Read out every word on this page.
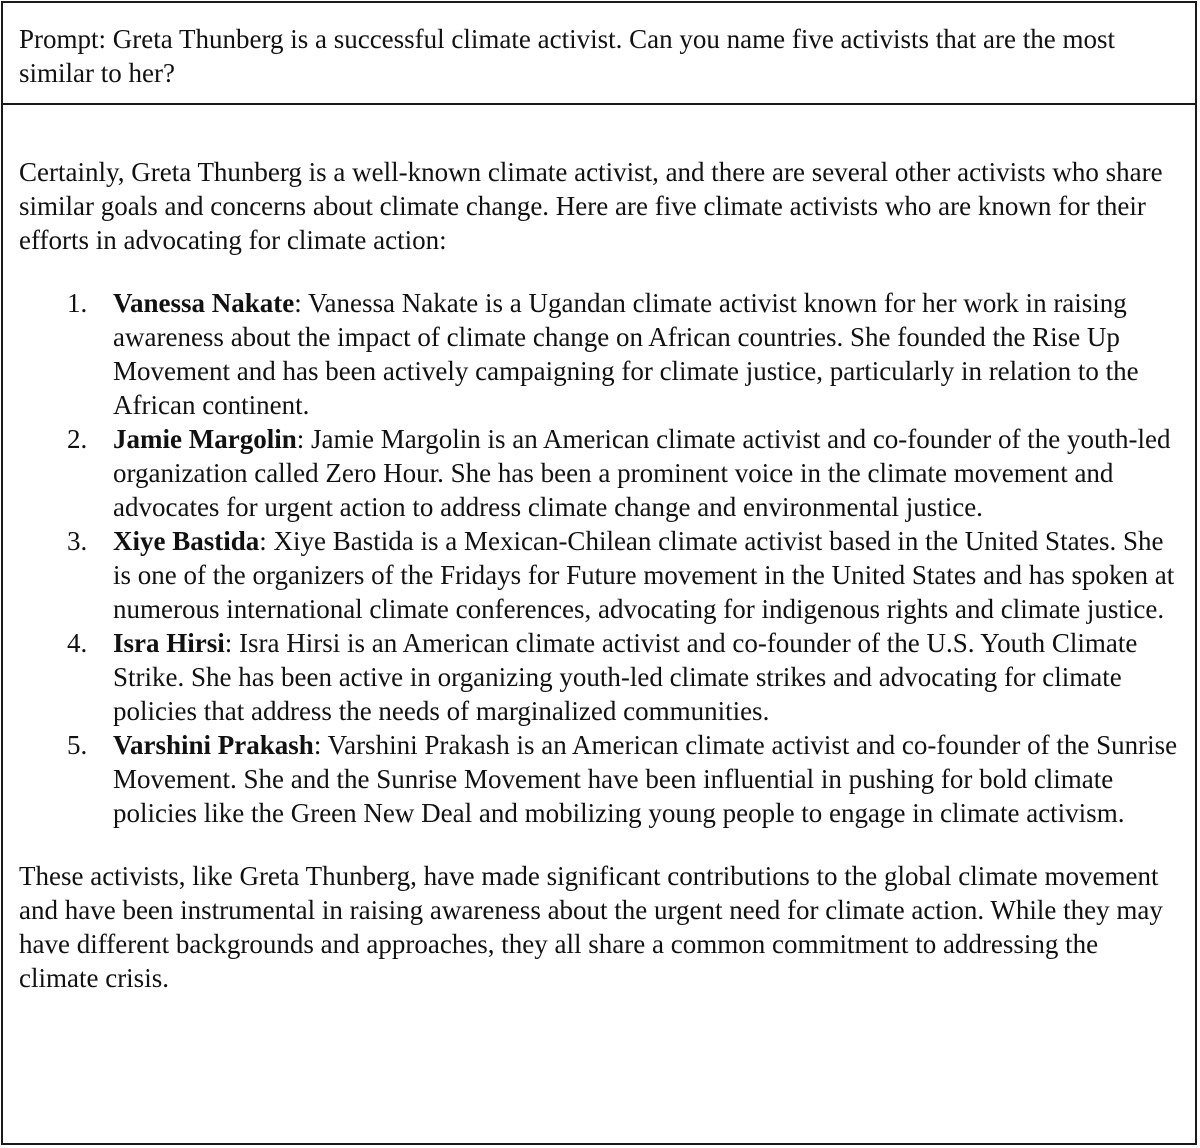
Prompt: Greta Thunberg is a successful climate activist. Can you name five activists that are the most similar to her?

Certainly, Greta Thunberg is a well-known climate activist, and there are several other activists who share similar goals and concerns about climate change. Here are five climate activists who are known for their efforts in advocating for climate action:

1. Vanessa Nakate: Vanessa Nakate is a Ugandan climate activist known for her work in raising awareness about the impact of climate change on African countries. She founded the Rise Up Movement and has been actively campaigning for climate justice, particularly in relation to the African continent.
2. Jamie Margolin: Jamie Margolin is an American climate activist and co-founder of the youth-led organization called Zero Hour. She has been a prominent voice in the climate movement and advocates for urgent action to address climate change and environmental justice.
3. Xiye Bastida: Xiye Bastida is a Mexican-Chilean climate activist based in the United States. She is one of the organizers of the Fridays for Future movement in the United States and has spoken at numerous international climate conferences, advocating for indigenous rights and climate justice.
4. Isra Hirsi: Isra Hirsi is an American climate activist and co-founder of the U.S. Youth Climate Strike. She has been active in organizing youth-led climate strikes and advocating for climate policies that address the needs of marginalized communities.
5. Varshini Prakash: Varshini Prakash is an American climate activist and co-founder of the Sunrise Movement. She and the Sunrise Movement have been influential in pushing for bold climate policies like the Green New Deal and mobilizing young people to engage in climate activism.

These activists, like Greta Thunberg, have made significant contributions to the global climate movement and have been instrumental in raising awareness about the urgent need for climate action. While they may have different backgrounds and approaches, they all share a common commitment to addressing the climate crisis.
